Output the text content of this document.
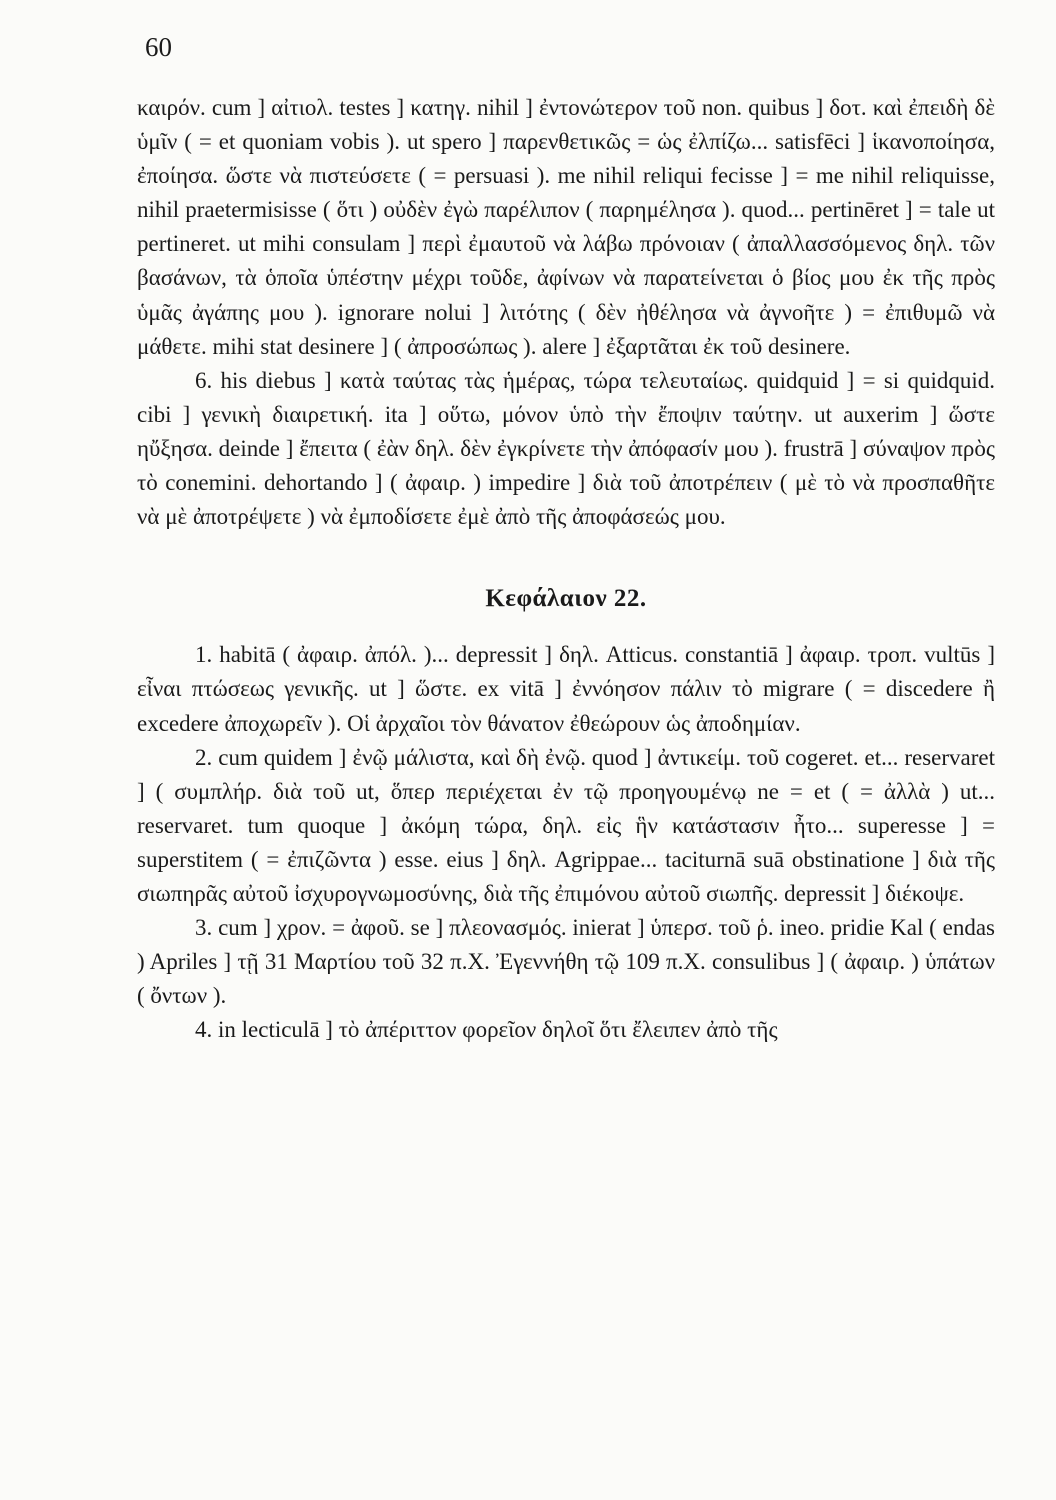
60

καιρόν. cum ] αἰτιολ. testes ] κατηγ. nihil ] ἐντονώτερον τοῦ non. quibus ] δοτ. καὶ ἐπειδὴ δὲ ὑμῖν ( = et quoniam vobis ). ut spero ] παρενθετικῶς = ὡς ἐλπίζω... satisfēci ] ἱκανοποίησα, ἐποίησα. ὥστε νὰ πιστεύσετε ( = persuasi ). me nihil reliqui fecisse ] = me nihil reliquisse, nihil praetermisisse ( ὅτι ) οὐδὲν ἐγὼ παρέλιπον ( παρημέλησα ). quod... pertinēret ] = tale ut pertineret. ut mihi consulam ] περὶ ἐμαυτοῦ νὰ λάβω πρόνοιαν ( ἀπαλλασσόμενος δηλ. τῶν βασάνων, τὰ ὁποῖα ὑπέστην μέχρι τοῦδε, ἀφίνων νὰ παρατείνεται ὁ βίος μου ἐκ τῆς πρὸς ὑμᾶς ἀγάπης μου ). ignorare nolui ] λιτότης ( δὲν ἠθέλησα νὰ ἀγνοῆτε ) = ἐπιθυμῶ νὰ μάθετε. mihi stat desinere ] ( ἀπροσώπως ). alere ] ἐξαρτᾶται ἐκ τοῦ desinere.

6. his diebus ] κατὰ ταύτας τὰς ἡμέρας, τώρα τελευταίως. quidquid ] = si quidquid. cibi ] γενικὴ διαιρετική. ita ] οὕτω, μόνον ὑπὸ τὴν ἔποψιν ταύτην. ut auxerim ] ὥστε ηὔξησα. deinde ] ἔπειτα ( ἐὰν δηλ. δὲν ἐγκρίνετε τὴν ἀπόφασίν μου ). frustrā ] σύναψον πρὸς τὸ conemini. dehortando ] ( ἀφαιρ. ) impedire ] διὰ τοῦ ἀποτρέπειν ( μὲ τὸ νὰ προσπαθῆτε νὰ μὲ ἀποτρέψετε ) νὰ ἐμποδίσετε ἐμὲ ἀπὸ τῆς ἀποφάσεώς μου.

Κεφάλαιον 22.

1. habitā ( ἀφαιρ. ἀπόλ. )... depressit ] δηλ. Atticus. constantiā ] ἀφαιρ. τροπ. vultūs ] εἶναι πτώσεως γενικῆς. ut ] ὥστε. ex vitā ] ἐννόησον πάλιν τὸ migrare ( = discedere ἢ excedere ἀποχωρεῖν ). Οἱ ἀρχαῖοι τὸν θάνατον ἐθεώρουν ὡς ἀποδημίαν.

2. cum quidem ] ἐνῷ μάλιστα, καὶ δὴ ἐνῷ. quod ] ἀντικείμ. τοῦ cogeret. et... reservaret ] ( συμπλήρ. διὰ τοῦ ut, ὅπερ περιέχεται ἐν τῷ προηγουμένῳ ne = et ( = ἀλλὰ ) ut... reservaret. tum quoque ] ἀκόμη τώρα, δηλ. εἰς ἣν κατάστασιν ἦτο... superesse ] = superstitem ( = ἐπιζῶντα ) esse. eius ] δηλ. Agrippae... taciturnā suā obstinatione ] διὰ τῆς σιωπηρᾶς αὐτοῦ ἰσχυρογνωμοσύνης, διὰ τῆς ἐπιμόνου αὐτοῦ σιωπῆς. depressit ] διέκοψε.

3. cum ] χρον. = ἀφοῦ. se ] πλεονασμός. inierat ] ὑπερσ. τοῦ ῥ. ineo. pridie Kal ( endas ) Apriles ] τῇ 31 Μαρτίου τοῦ 32 π.Χ. Ἐγεννήθη τῷ 109 π.Χ. consulibus ] ( ἀφαιρ. ) ὑπάτων ( ὄντων ).

4. in lecticulā ] τὸ ἀπέριττον φορεῖον δηλοῖ ὅτι ἔλειπεν ἀπὸ τῆς
